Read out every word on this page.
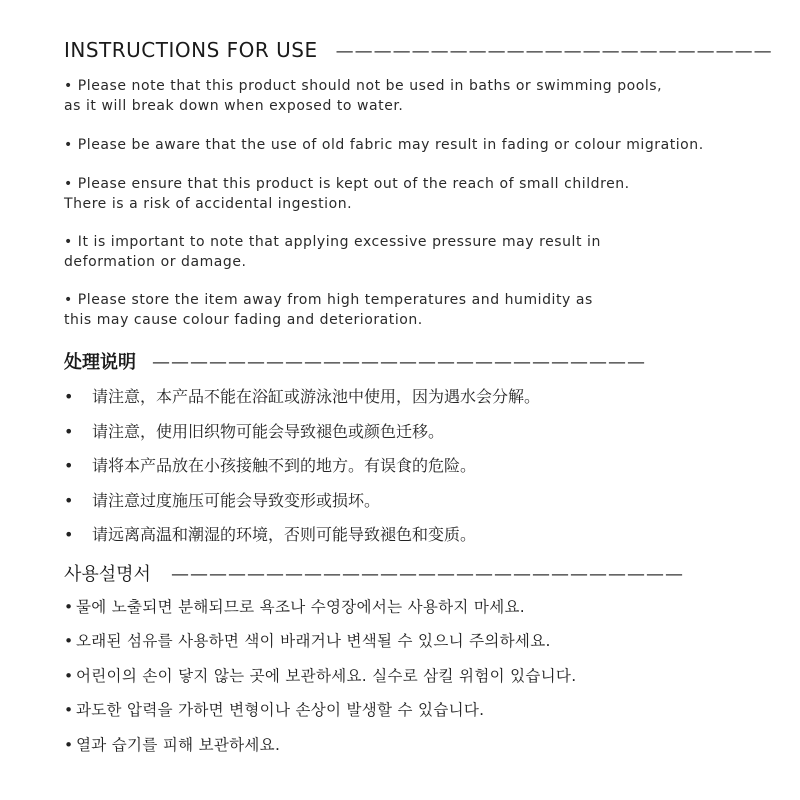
INSTRUCTIONS FOR USE ———————————————————————

• Please note that this product should not be used in baths or swimming pools,
as it will break down when exposed to water.

• Please be aware that the use of old fabric may result in fading or colour migration.

• Please ensure that this product is kept out of the reach of small children.
There is a risk of accidental ingestion.

• It is important to note that applying excessive pressure may result in
deformation or damage.

• Please store the item away from high temperatures and humidity as
this may cause colour fading and deterioration.

处理说明 ——————————————————————————
• 请注意，本产品不能在浴缸或游泳池中使用，因为遇水会分解。
• 请注意，使用旧织物可能会导致褪色或颜色迁移。
• 请将本产品放在小孩接触不到的地方。有误食的危险。
• 请注意过度施压可能会导致变形或损坏。
• 请远离高温和潮湿的环境，否则可能导致褪色和变质。
사용설명서 ———————————————————————————
• 물에 노출되면 분해되므로 욕조나 수영장에서는 사용하지 마세요.
• 오래된 섬유를 사용하면 색이 바래거나 변색될 수 있으니 주의하세요.
• 어린이의 손이 닿지 않는 곳에 보관하세요. 실수로 삼킬 위험이 있습니다.
• 과도한 압력을 가하면 변형이나 손상이 발생할 수 있습니다.
• 열과 습기를 피해 보관하세요.
